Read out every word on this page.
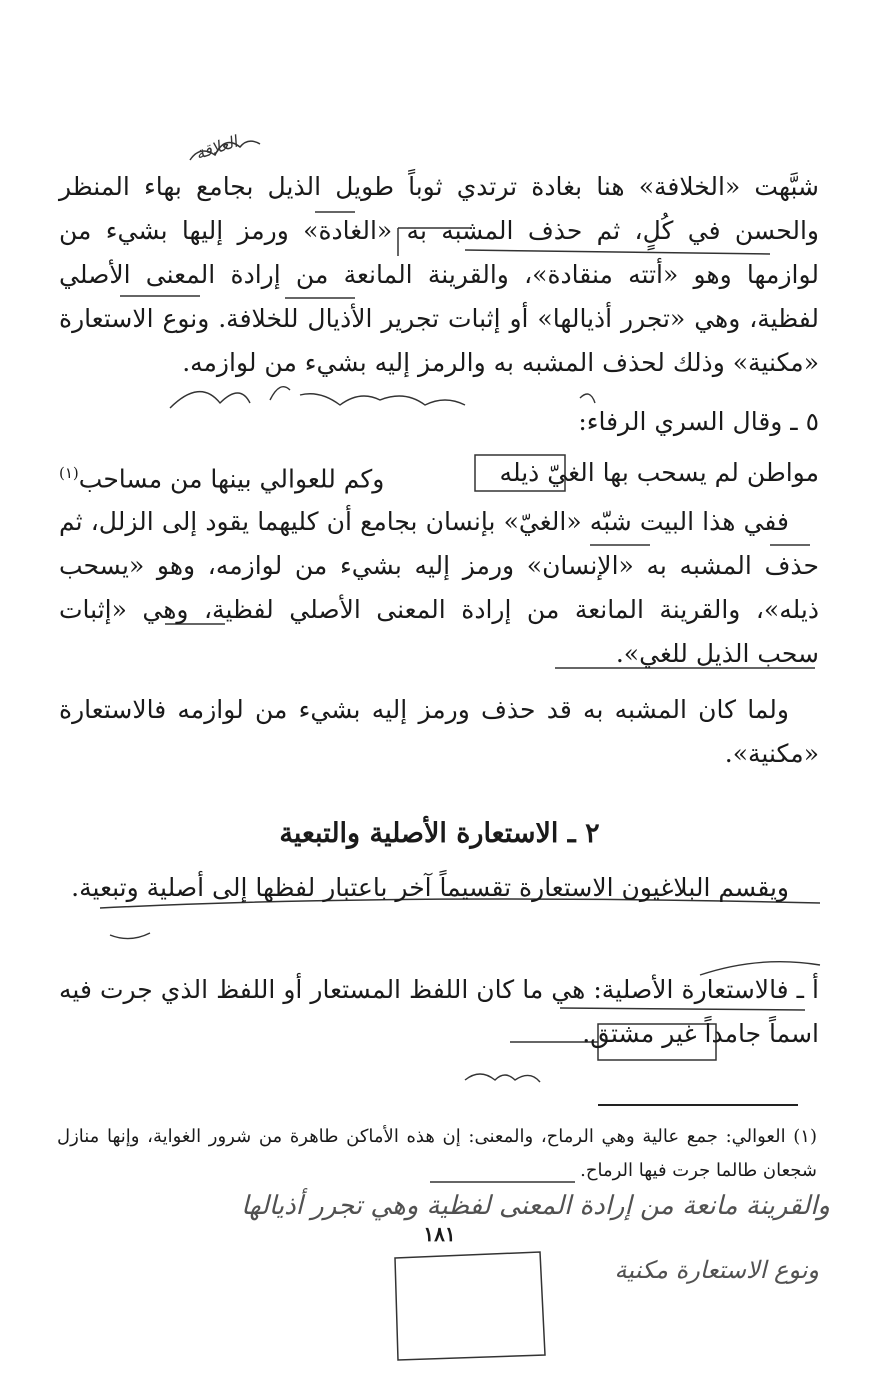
العلاقة

شبَّهت «الخلافة» هنا بغادة ترتدي ثوباً طويل الذيل بجامع بهاء المنظر والحسن في كُلٍ، ثم حذف المشبه به «الغادة» ورمز إليها بشيء من لوازمها وهو «أتته منقادة»، والقرينة المانعة من إرادة المعنى الأصلي لفظية، وهي «تجرر أذيالها» أو إثبات تجرير الأذيال للخلافة. ونوع الاستعارة «مكنية» وذلك لحذف المشبه به والرمز إليه بشيء من لوازمه.

٥ ـ وقال السري الرفاء:

مواطن لم يسحب بها الغيّ ذيله
وكم للعوالي بينها من مساحب$^{(١)}$

ففي هذا البيت شبّه «الغيّ» بإنسان بجامع أن كليهما يقود إلى الزلل، ثم حذف المشبه به «الإنسان» ورمز إليه بشيء من لوازمه، وهو «يسحب ذيله»، والقرينة المانعة من إرادة المعنى الأصلي لفظية، وهي «إثبات سحب الذيل للغي».

ولما كان المشبه به قد حذف ورمز إليه بشيء من لوازمه فالاستعارة «مكنية».

٢ ـ الاستعارة الأصلية والتبعية

ويقسم البلاغيون الاستعارة تقسيماً آخر باعتبار لفظها إلى أصلية وتبعية.

أ ـ فالاستعارة الأصلية: هي ما كان اللفظ المستعار أو اللفظ الذي جرت فيه اسماً جامداً غير مشتق.

(١) العوالي: جمع عالية وهي الرماح، والمعنى: إن هذه الأماكن طاهرة من شرور الغواية، وإنها منازل شجعان طالما جرت فيها الرماح.

والقرينة مانعة من إرادة المعنى لفظية وهي تجرر أذيالها
١٨١
ونوع الاستعارة مكنية
